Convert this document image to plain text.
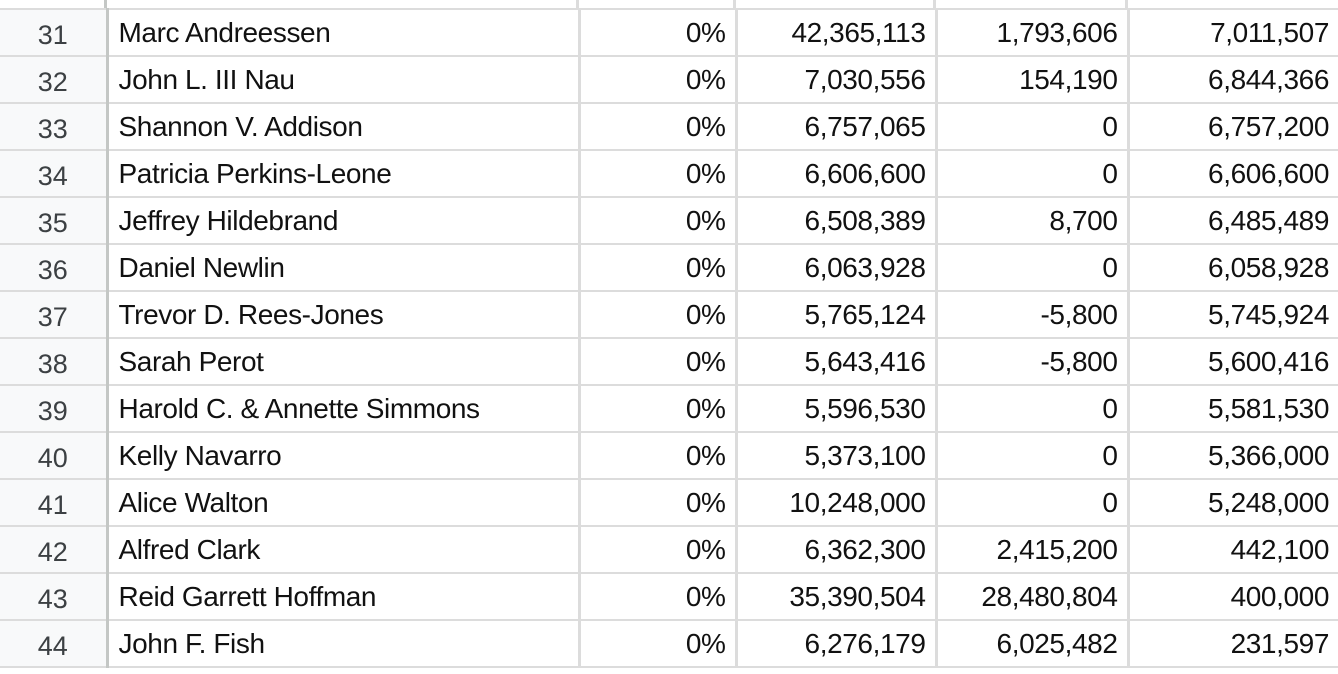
31	Marc Andreessen	0%	42,365,113	1,793,606	7,011,507
32	John L. III Nau	0%	7,030,556	154,190	6,844,366
33	Shannon V. Addison	0%	6,757,065	0	6,757,200
34	Patricia Perkins-Leone	0%	6,606,600	0	6,606,600
35	Jeffrey Hildebrand	0%	6,508,389	8,700	6,485,489
36	Daniel Newlin	0%	6,063,928	0	6,058,928
37	Trevor D. Rees-Jones	0%	5,765,124	-5,800	5,745,924
38	Sarah Perot	0%	5,643,416	-5,800	5,600,416
39	Harold C. & Annette Simmons	0%	5,596,530	0	5,581,530
40	Kelly Navarro	0%	5,373,100	0	5,366,000
41	Alice Walton	0%	10,248,000	0	5,248,000
42	Alfred Clark	0%	6,362,300	2,415,200	442,100
43	Reid Garrett Hoffman	0%	35,390,504	28,480,804	400,000
44	John F. Fish	0%	6,276,179	6,025,482	231,597
